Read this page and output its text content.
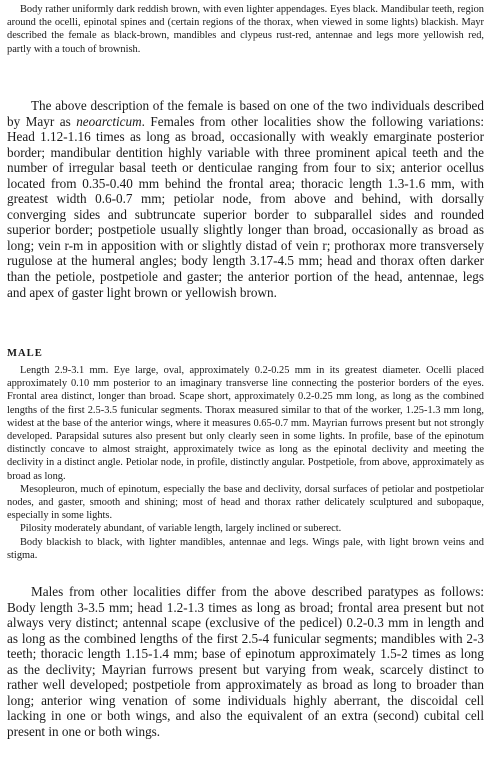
Body rather uniformly dark reddish brown, with even lighter appendages. Eyes black. Mandibular teeth, region around the ocelli, epinotal spines and (certain regions of the thorax, when viewed in some lights) blackish. Mayr described the female as black-brown, mandibles and clypeus rust-red, antennae and legs more yellowish red, partly with a touch of brownish.

The above description of the female is based on one of the two individuals described by Mayr as neoarcticum. Females from other localities show the following variations: Head 1.12-1.16 times as long as broad, occasionally with weakly emarginate posterior border; mandibular dentition highly variable with three prominent apical teeth and the number of irregular basal teeth or denticulae ranging from four to six; anterior ocellus located from 0.35-0.40 mm behind the frontal area; thoracic length 1.3-1.6 mm, with greatest width 0.6-0.7 mm; petiolar node, from above and behind, with dorsally converging sides and subtruncate superior border to subparallel sides and rounded superior border; postpetiole usually slightly longer than broad, occasionally as broad as long; vein r-m in apposition with or slightly distad of vein r; prothorax more transversely rugulose at the humeral angles; body length 3.17-4.5 mm; head and thorax often darker than the petiole, postpetiole and gaster; the anterior portion of the head, antennae, legs and apex of gaster light brown or yellowish brown.

MALE

Length 2.9-3.1 mm. Eye large, oval, approximately 0.2-0.25 mm in its greatest diameter. Ocelli placed approximately 0.10 mm posterior to an imaginary transverse line connecting the posterior borders of the eyes. Frontal area distinct, longer than broad. Scape short, approximately 0.2-0.25 mm long, as long as the combined lengths of the first 2.5-3.5 funicular segments. Thorax measured similar to that of the worker, 1.25-1.3 mm long, widest at the base of the anterior wings, where it measures 0.65-0.7 mm. Mayrian furrows present but not strongly developed. Parapsidal sutures also present but only clearly seen in some lights. In profile, base of the epinotum distinctly concave to almost straight, approximately twice as long as the epinotal declivity and meeting the declivity in a distinct angle. Petiolar node, in profile, distinctly angular. Postpetiole, from above, approximately as broad as long.
Mesopleuron, much of epinotum, especially the base and declivity, dorsal surfaces of petiolar and postpetiolar nodes, and gaster, smooth and shining; most of head and thorax rather delicately sculptured and subopaque, especially in some lights.
Pilosity moderately abundant, of variable length, largely inclined or suberect.
Body blackish to black, with lighter mandibles, antennae and legs. Wings pale, with light brown veins and stigma.

Males from other localities differ from the above described paratypes as follows: Body length 3-3.5 mm; head 1.2-1.3 times as long as broad; frontal area present but not always very distinct; antennal scape (exclusive of the pedicel) 0.2-0.3 mm in length and as long as the combined lengths of the first 2.5-4 funicular segments; mandibles with 2-3 teeth; thoracic length 1.15-1.4 mm; base of epinotum approximately 1.5-2 times as long as the declivity; Mayrian furrows present but varying from weak, scarcely distinct to rather well developed; postpetiole from approximately as broad as long to broader than long; anterior wing venation of some individuals highly aberrant, the discoidal cell lacking in one or both wings, and also the equivalent of an extra (second) cubital cell present in one or both wings.
